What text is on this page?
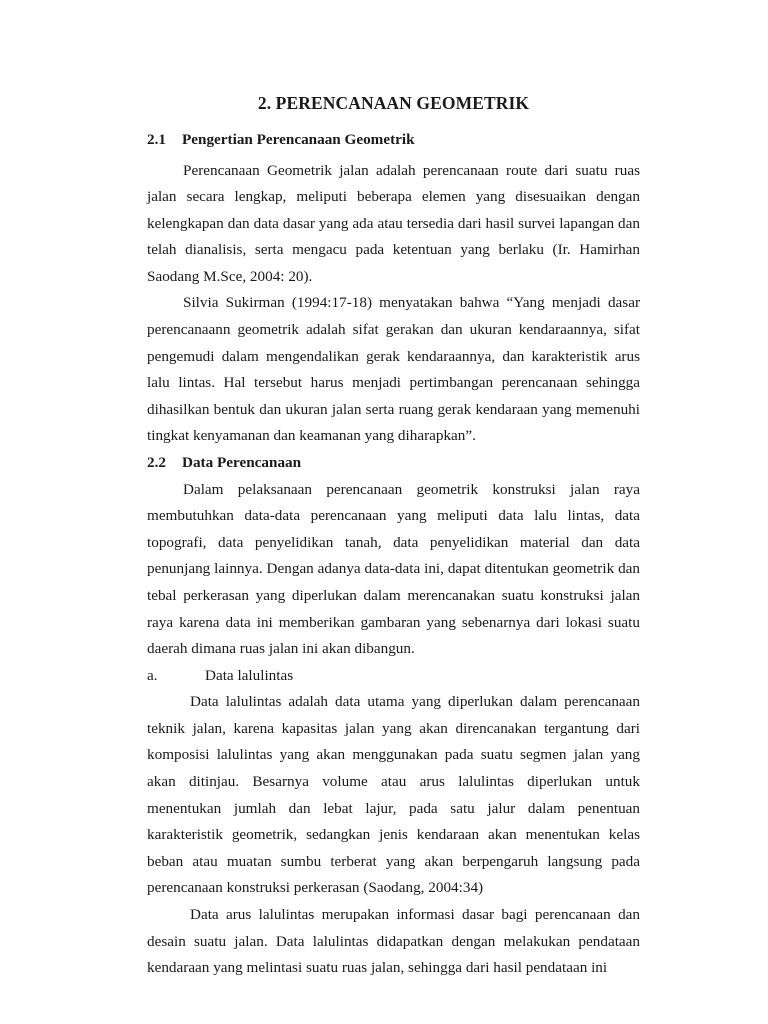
2. PERENCANAAN GEOMETRIK
2.1 Pengertian Perencanaan Geometrik

Perencanaan Geometrik jalan adalah perencanaan route dari suatu ruas jalan secara lengkap, meliputi beberapa elemen yang disesuaikan dengan kelengkapan dan data dasar yang ada atau tersedia dari hasil survei lapangan dan telah dianalisis, serta mengacu pada ketentuan yang berlaku (Ir. Hamirhan Saodang M.Sce, 2004: 20).

Silvia Sukirman (1994:17-18) menyatakan bahwa “Yang menjadi dasar perencanaann geometrik adalah sifat gerakan dan ukuran kendaraannya, sifat pengemudi dalam mengendalikan gerak kendaraannya, dan karakteristik arus lalu lintas. Hal tersebut harus menjadi pertimbangan perencanaan sehingga dihasilkan bentuk dan ukuran jalan serta ruang gerak kendaraan yang memenuhi tingkat kenyamanan dan keamanan yang diharapkan”.

2.2 Data Perencanaan

Dalam pelaksanaan perencanaan geometrik konstruksi jalan raya membutuhkan data-data perencanaan yang meliputi data lalu lintas, data topografi, data penyelidikan tanah, data penyelidikan material dan data penunjang lainnya. Dengan adanya data-data ini, dapat ditentukan geometrik dan tebal perkerasan yang diperlukan dalam merencanakan suatu konstruksi jalan raya karena data ini memberikan gambaran yang sebenarnya dari lokasi suatu daerah dimana ruas jalan ini akan dibangun.

a.	Data lalulintas

Data lalulintas adalah data utama yang diperlukan dalam perencanaan teknik jalan, karena kapasitas jalan yang akan direncanakan tergantung dari komposisi lalulintas yang akan menggunakan pada suatu segmen jalan yang akan ditinjau. Besarnya volume atau arus lalulintas diperlukan untuk menentukan jumlah dan lebat lajur, pada satu jalur dalam penentuan karakteristik geometrik, sedangkan jenis kendaraan akan menentukan kelas beban atau muatan sumbu terberat yang akan berpengaruh langsung pada perencanaan konstruksi perkerasan (Saodang, 2004:34)

Data arus lalulintas merupakan informasi dasar bagi perencanaan dan desain suatu jalan. Data lalulintas didapatkan dengan melakukan pendataan kendaraan yang melintasi suatu ruas jalan, sehingga dari hasil pendataan ini
